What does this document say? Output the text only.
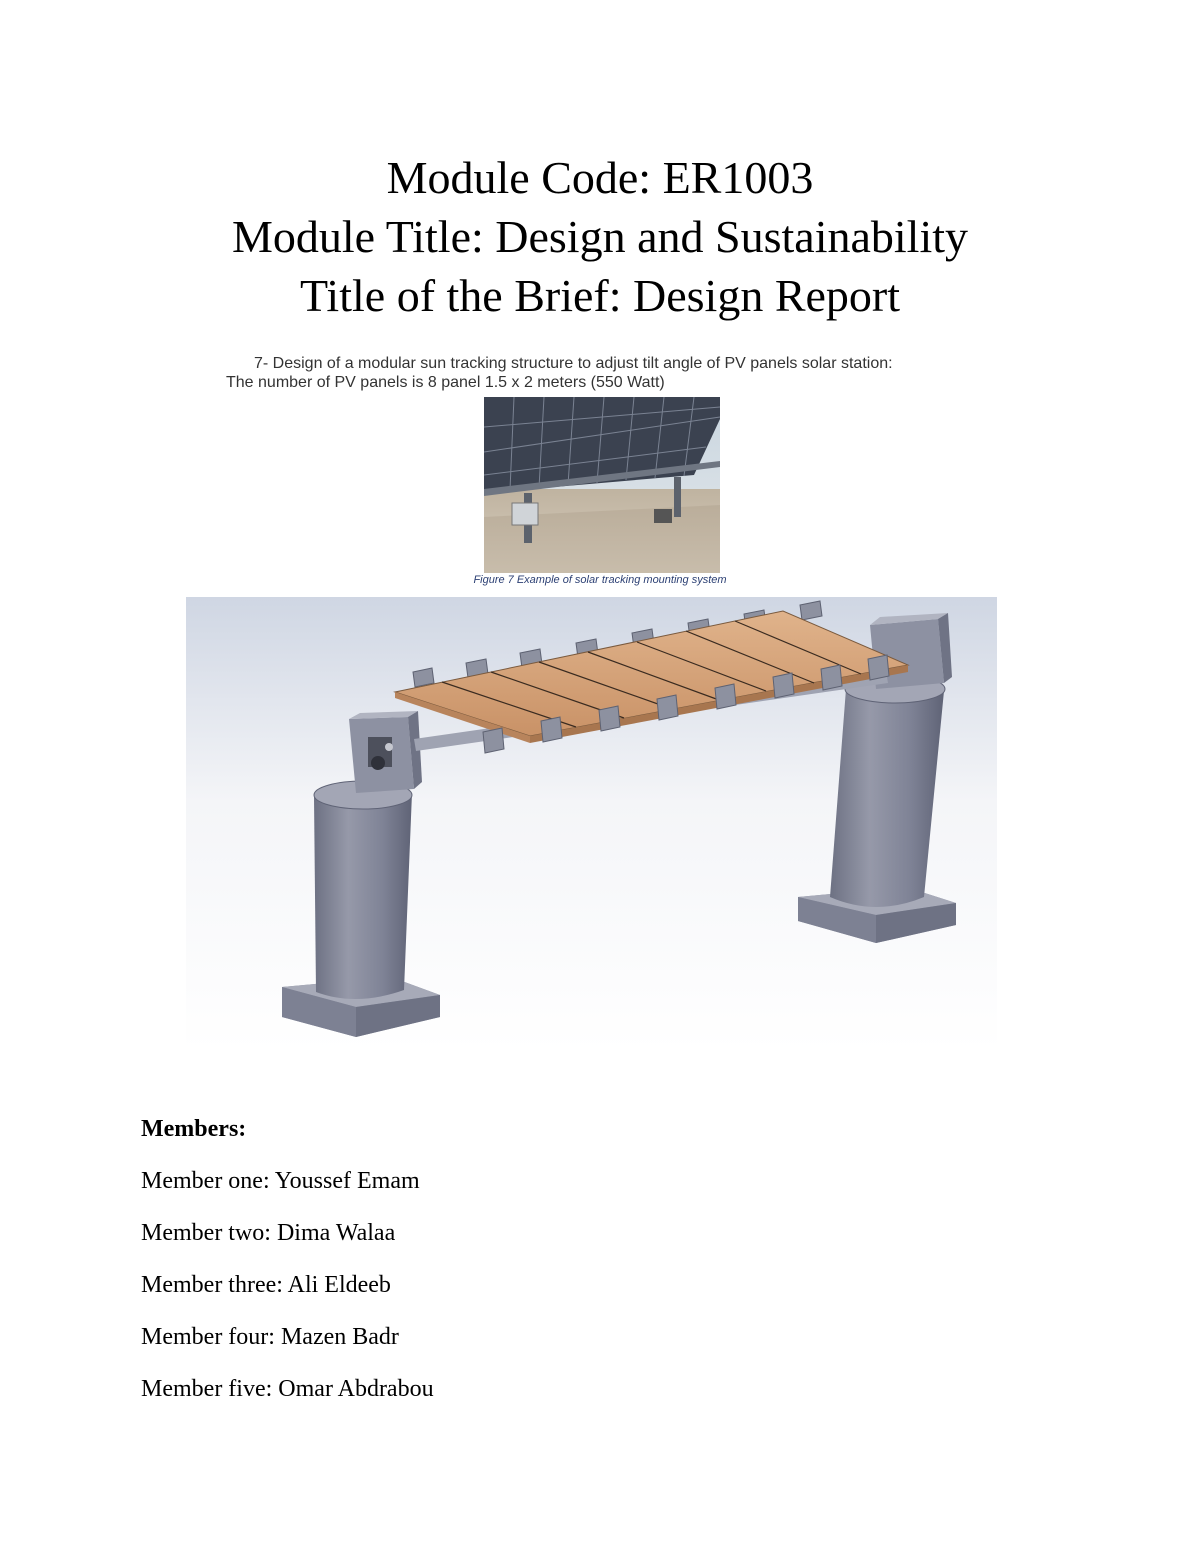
Module Code: ER1003
Module Title: Design and Sustainability
Title of the Brief: Design Report
7- Design of a modular sun tracking structure to adjust tilt angle of PV panels solar station:
The number of PV panels is 8 panel 1.5 x 2 meters (550 Watt)
Figure 7 Example of solar tracking mounting system
Members:
Member one: Youssef Emam
Member two: Dima Walaa
Member three: Ali Eldeeb
Member four: Mazen Badr
Member five: Omar Abdrabou
